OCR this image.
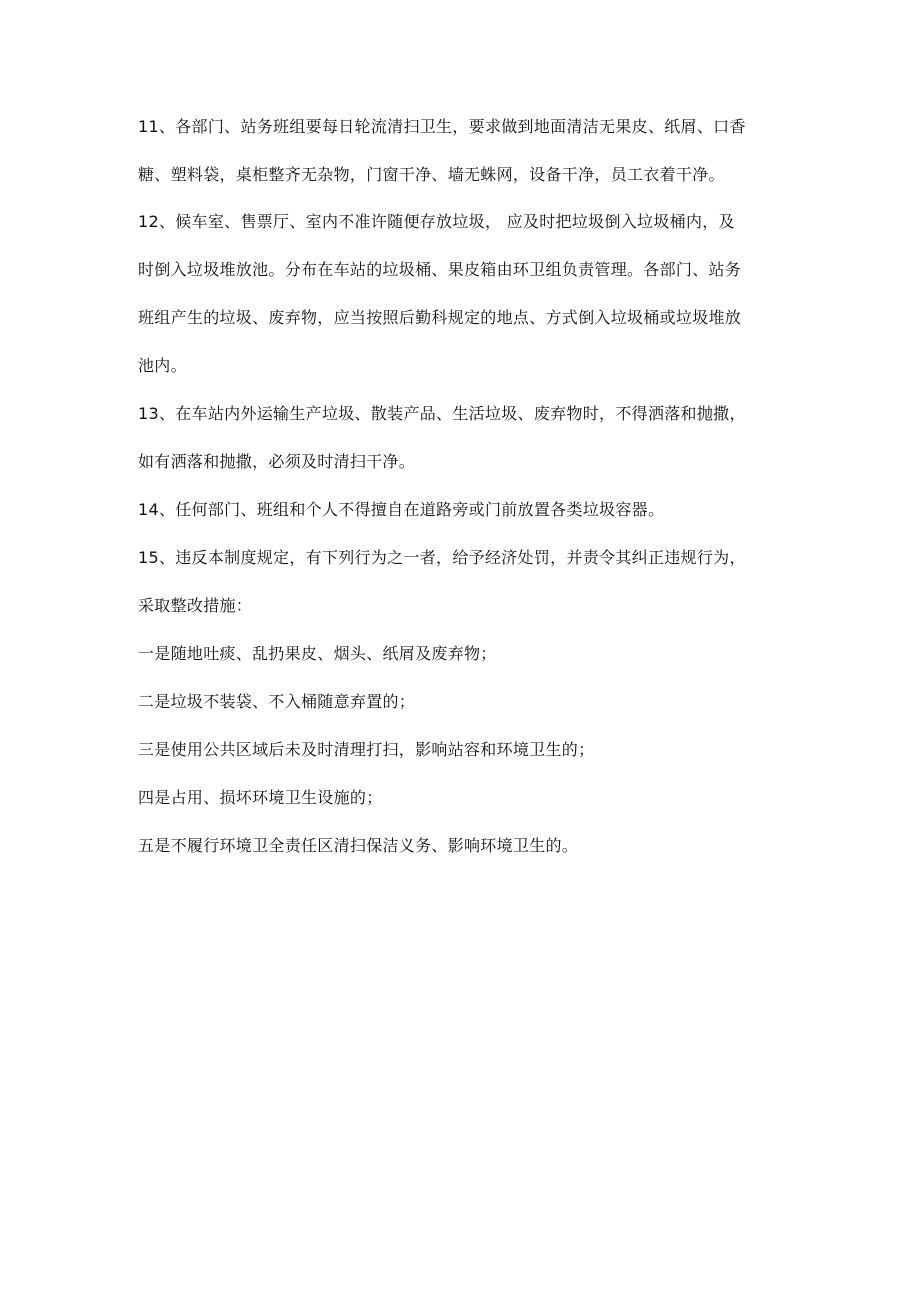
11、各部门、站务班组要每日轮流清扫卫生，要求做到地面清洁无果皮、纸屑、口香
糖、塑料袋，桌柜整齐无杂物，门窗干净、墙无蛛网，设备干净，员工衣着干净。
12、候车室、售票厅、室内不准许随便存放垃圾， 应及时把垃圾倒入垃圾桶内，及
时倒入垃圾堆放池。分布在车站的垃圾桶、果皮箱由环卫组负责管理。各部门、站务
班组产生的垃圾、废弃物，应当按照后勤科规定的地点、方式倒入垃圾桶或垃圾堆放
池内。
13、在车站内外运输生产垃圾、散装产品、生活垃圾、废弃物时，不得洒落和抛撒，
如有洒落和抛撒，必须及时清扫干净。
14、任何部门、班组和个人不得擅自在道路旁或门前放置各类垃圾容器。
15、违反本制度规定，有下列行为之一者，给予经济处罚，并责令其纠正违规行为，
采取整改措施：
一是随地吐痰、乱扔果皮、烟头、纸屑及废弃物；
二是垃圾不装袋、不入桶随意弃置的；
三是使用公共区域后未及时清理打扫，影响站容和环境卫生的；
四是占用、损坏环境卫生设施的；
五是不履行环境卫全责任区清扫保洁义务、影响环境卫生的。
